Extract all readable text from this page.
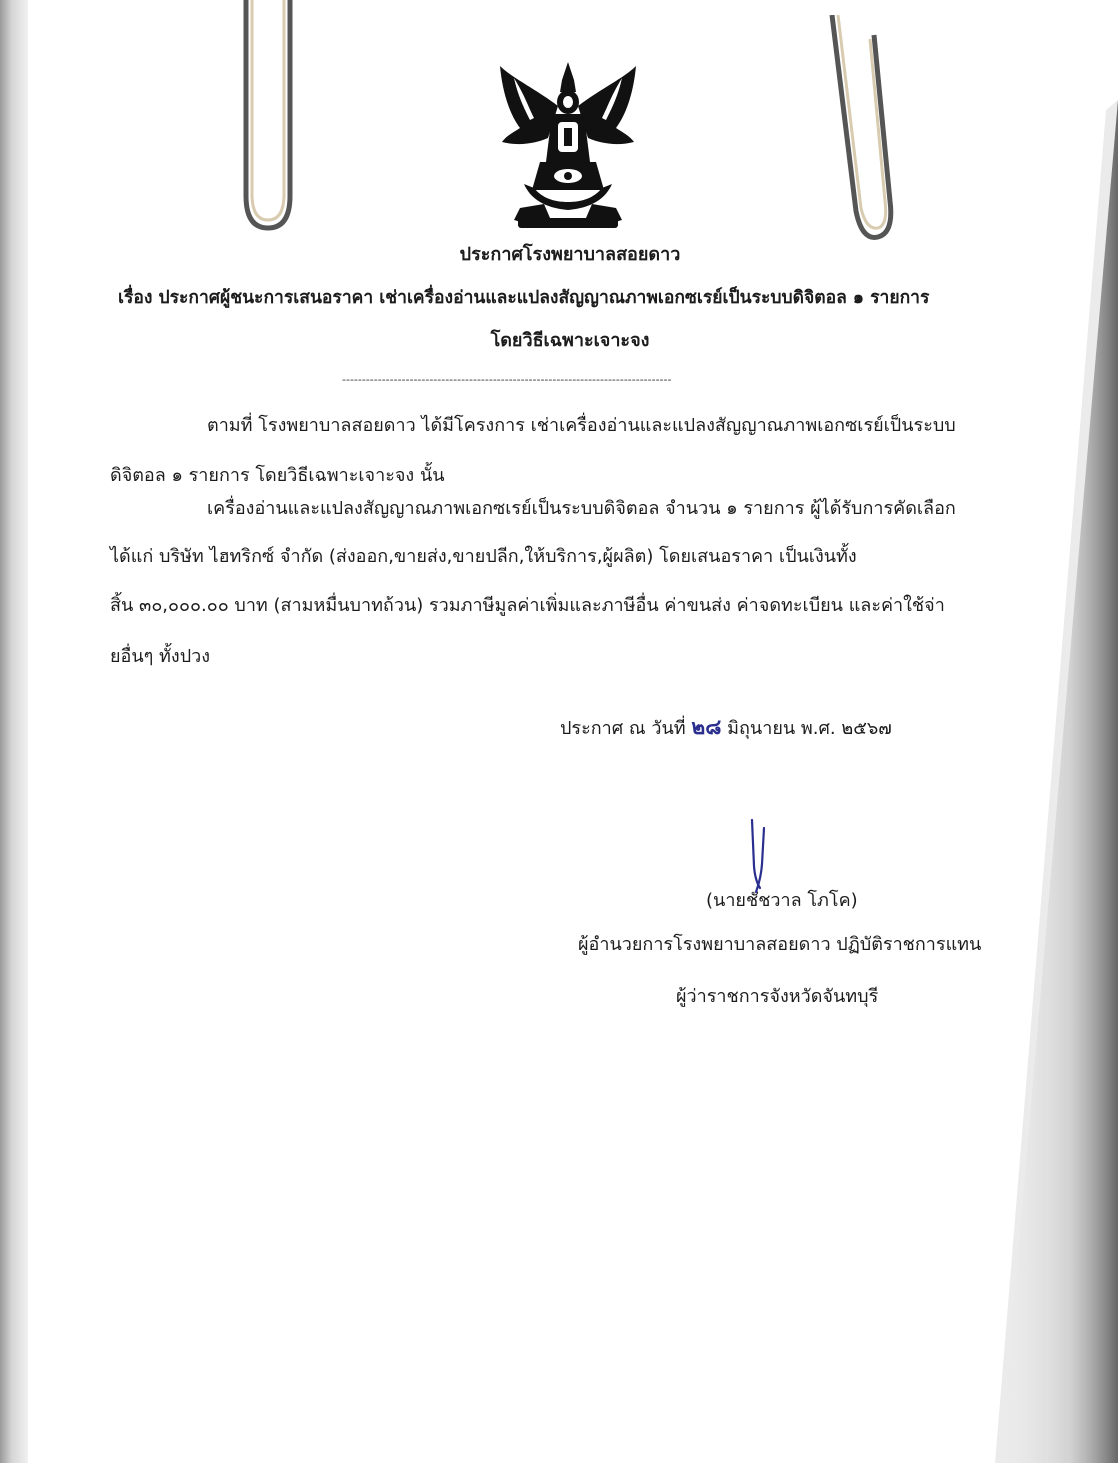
ประกาศโรงพยาบาลสอยดาว
เรื่อง ประกาศผู้ชนะการเสนอราคา เช่าเครื่องอ่านและแปลงสัญญาณภาพเอกซเรย์เป็นระบบดิจิตอล ๑ รายการ
โดยวิธีเฉพาะเจาะจง
-----------------------------------------------------------------------------------
ตามที่ โรงพยาบาลสอยดาว ได้มีโครงการ เช่าเครื่องอ่านและแปลงสัญญาณภาพเอกซเรย์เป็นระบบ
ดิจิตอล ๑ รายการ โดยวิธีเฉพาะเจาะจง นั้น
เครื่องอ่านและแปลงสัญญาณภาพเอกซเรย์เป็นระบบดิจิตอล จำนวน ๑ รายการ ผู้ได้รับการคัดเลือก
ได้แก่ บริษัท ไฮทริกซ์ จำกัด (ส่งออก,ขายส่ง,ขายปลีก,ให้บริการ,ผู้ผลิต) โดยเสนอราคา เป็นเงินทั้ง
สิ้น ๓๐,๐๐๐.๐๐ บาท (สามหมื่นบาทถ้วน) รวมภาษีมูลค่าเพิ่มและภาษีอื่น ค่าขนส่ง ค่าจดทะเบียน และค่าใช้จ่า
ยอื่นๆ ทั้งปวง
ประกาศ ณ วันที่ ๒๘ มิถุนายน พ.ศ. ๒๕๖๗
(นายชัชวาล โภโค)
ผู้อำนวยการโรงพยาบาลสอยดาว ปฏิบัติราชการแทน
ผู้ว่าราชการจังหวัดจันทบุรี
